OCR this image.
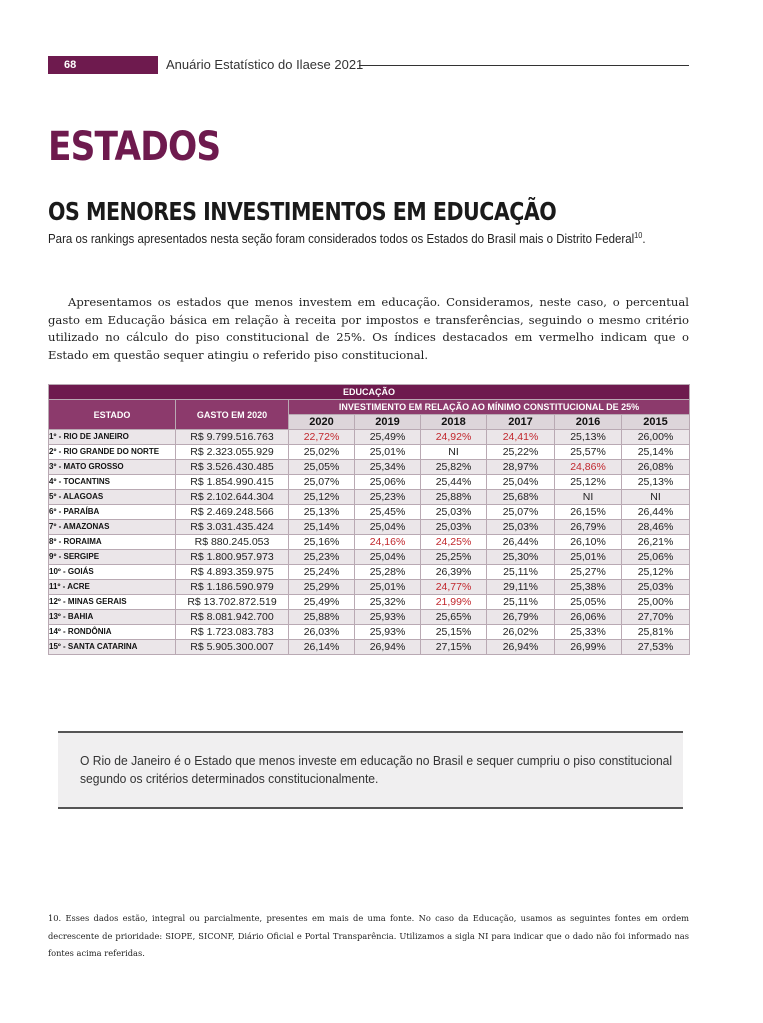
68	Anuário Estatístico do Ilaese 2021
ESTADOS
OS MENORES INVESTIMENTOS EM EDUCAÇÃO
Para os rankings apresentados nesta seção foram considerados todos os Estados do Brasil mais o Distrito Federal$^{10}$.

Apresentamos os estados que menos investem em educação. Consideramos, neste caso, o percentual gasto em Educação básica em relação à receita por impostos e transferências, seguindo o mesmo critério utilizado no cálculo do piso constitucional de 25%. Os índices destacados em vermelho indicam que o Estado em questão sequer atingiu o referido piso constitucional.

EDUCAÇÃO							
ESTADO	GASTO EM 2020	INVESTIMENTO EM RELAÇÃO AO MÍNIMO CONSTITUCIONAL DE 25%					
		2020	2019	2018	2017	2016	2015
1º - RIO DE JANEIRO	R$ 9.799.516.763	22,72%	25,49%	24,92%	24,41%	25,13%	26,00%
2º - RIO GRANDE DO NORTE	R$ 2.323.055.929	25,02%	25,01%	NI	25,22%	25,57%	25,14%
3º - MATO GROSSO	R$ 3.526.430.485	25,05%	25,34%	25,82%	28,97%	24,86%	26,08%
4º - TOCANTINS	R$ 1.854.990.415	25,07%	25,06%	25,44%	25,04%	25,12%	25,13%
5º - ALAGOAS	R$ 2.102.644.304	25,12%	25,23%	25,88%	25,68%	NI	NI
6º - PARAÍBA	R$ 2.469.248.566	25,13%	25,45%	25,03%	25,07%	26,15%	26,44%
7º - AMAZONAS	R$ 3.031.435.424	25,14%	25,04%	25,03%	25,03%	26,79%	28,46%
8º - RORAIMA	R$ 880.245.053	25,16%	24,16%	24,25%	26,44%	26,10%	26,21%
9º - SERGIPE	R$ 1.800.957.973	25,23%	25,04%	25,25%	25,30%	25,01%	25,06%
10º - GOIÁS	R$ 4.893.359.975	25,24%	25,28%	26,39%	25,11%	25,27%	25,12%
11º - ACRE	R$ 1.186.590.979	25,29%	25,01%	24,77%	29,11%	25,38%	25,03%
12º - MINAS GERAIS	R$ 13.702.872.519	25,49%	25,32%	21,99%	25,11%	25,05%	25,00%
13º - BAHIA	R$ 8.081.942.700	25,88%	25,93%	25,65%	26,79%	26,06%	27,70%
14º - RONDÔNIA	R$ 1.723.083.783	26,03%	25,93%	25,15%	26,02%	25,33%	25,81%
15º - SANTA CATARINA	R$ 5.905.300.007	26,14%	26,94%	27,15%	26,94%	26,99%	27,53%
O Rio de Janeiro é o Estado que menos investe em educação no Brasil e sequer cumpriu o piso constitucional segundo os critérios determinados constitucionalmente.

10. Esses dados estão, integral ou parcialmente, presentes em mais de uma fonte. No caso da Educação, usamos as seguintes fontes em ordem decrescente de prioridade: SIOPE, SICONF, Diário Oficial e Portal Transparência. Utilizamos a sigla NI para indicar que o dado não foi informado nas fontes acima referidas.
